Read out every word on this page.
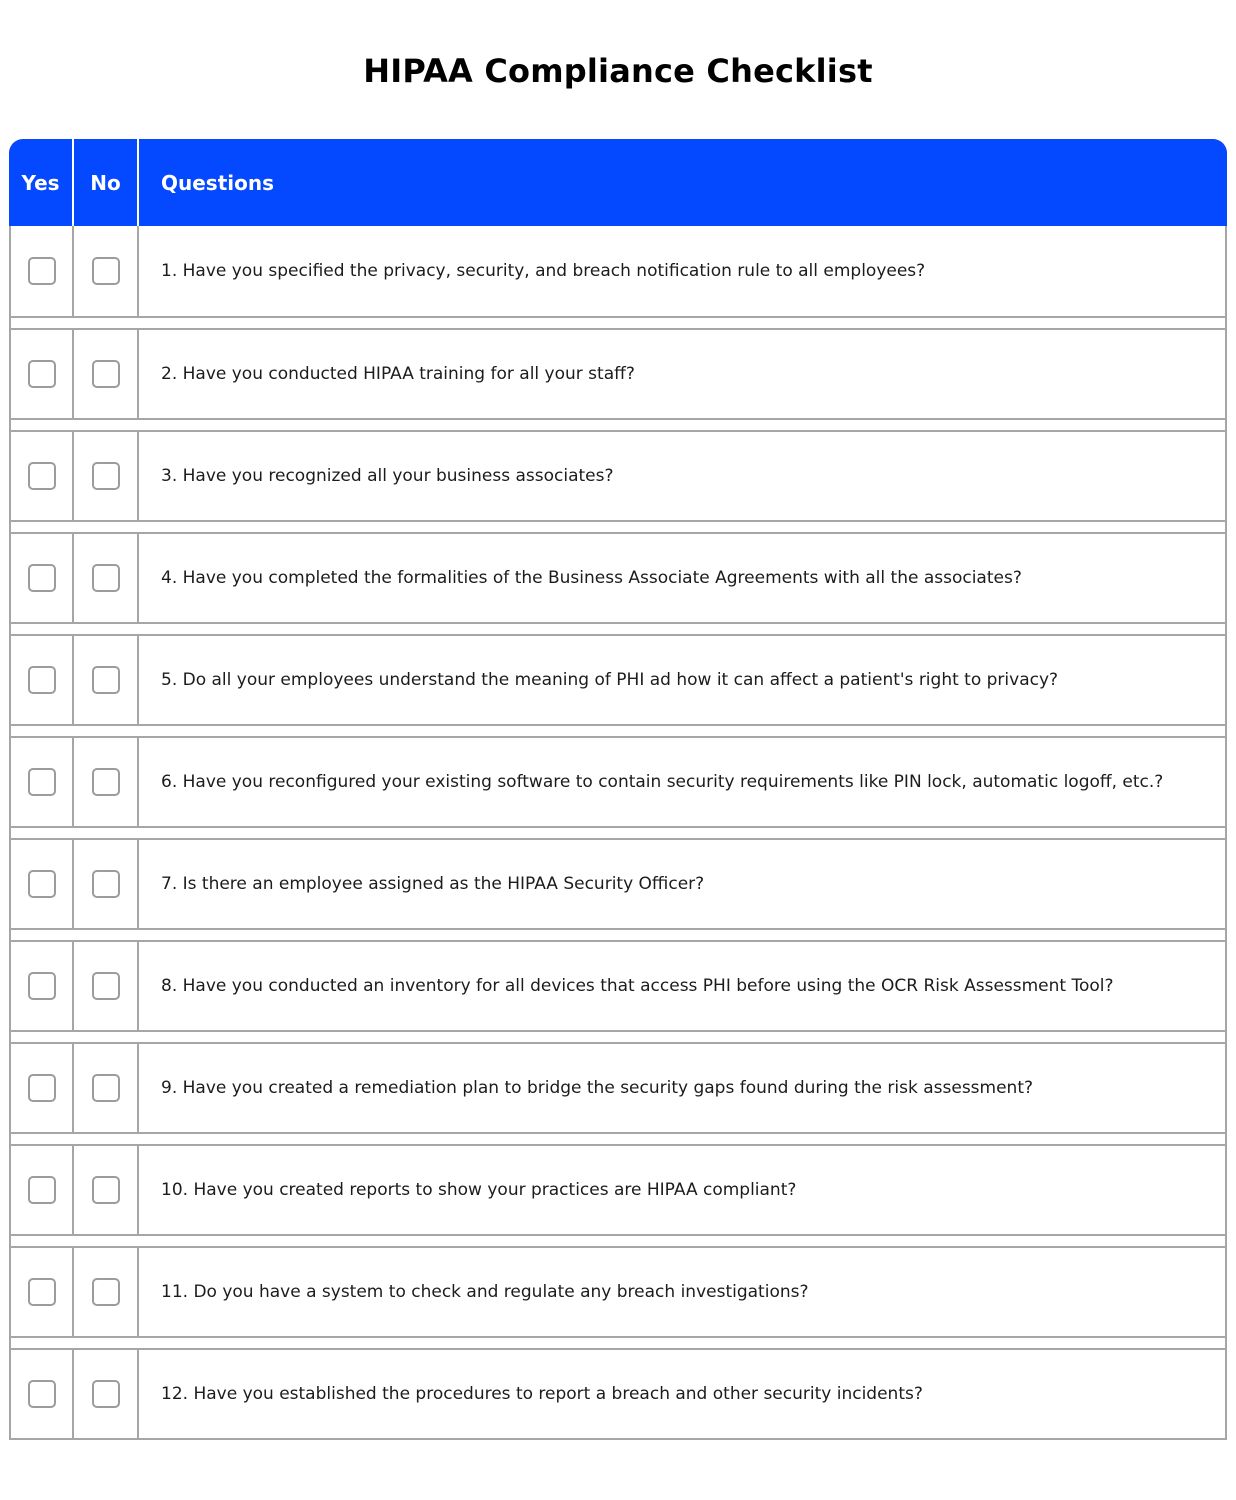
HIPAA Compliance Checklist
Yes	No	Questions
1. Have you specified the privacy, security, and breach notification rule to all employees?
2. Have you conducted HIPAA training for all your staff?
3. Have you recognized all your business associates?
4. Have you completed the formalities of the Business Associate Agreements with all the associates?
5. Do all your employees understand the meaning of PHI ad how it can affect a patient's right to privacy?
6. Have you reconfigured your existing software to contain security requirements like PIN lock, automatic logoff, etc.?
7. Is there an employee assigned as the HIPAA Security Officer?
8. Have you conducted an inventory for all devices that access PHI before using the OCR Risk Assessment Tool?
9. Have you created a remediation plan to bridge the security gaps found during the risk assessment?
10. Have you created reports to show your practices are HIPAA compliant?
11. Do you have a system to check and regulate any breach investigations?
12. Have you established the procedures to report a breach and other security incidents?
